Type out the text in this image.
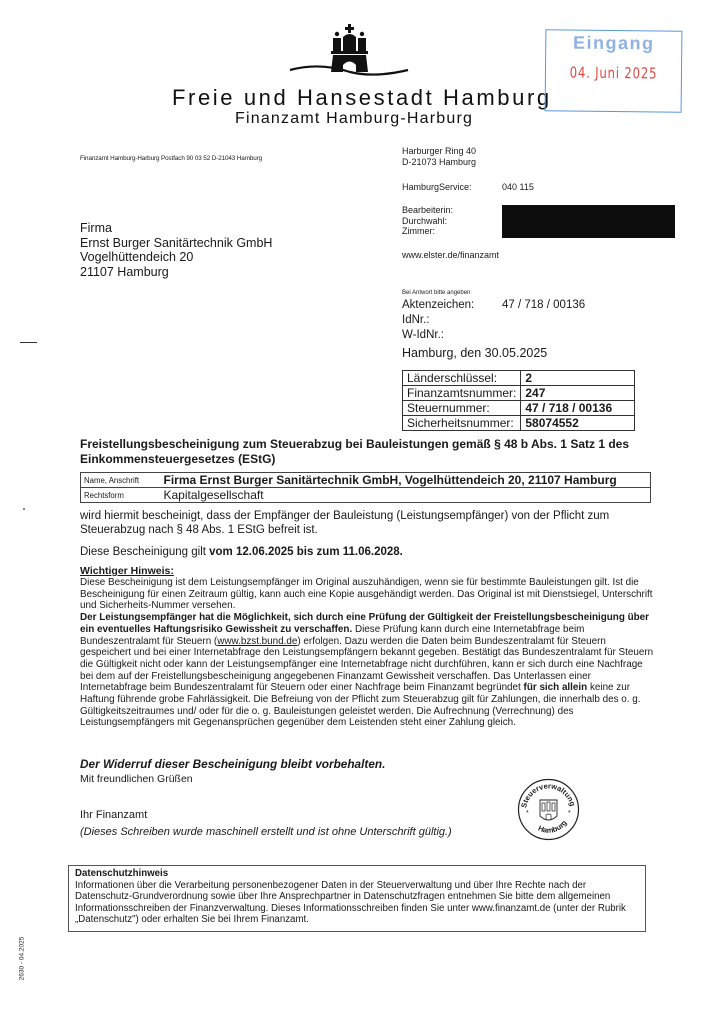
Freie und Hansestadt Hamburg
Finanzamt Hamburg-Harburg
Eingang
04. Juni 2025
Finanzamt Hamburg-Harburg Postfach 90 03 52 D-21043 Hamburg
Firma
Ernst Burger Sanitärtechnik GmbH
Vogelhüttendeich 20
21107 Hamburg
Harburger Ring 40
D-21073 Hamburg
HamburgService:	040 115
Bearbeiterin:
Durchwahl:
Zimmer:
www.elster.de/finanzamt
Bei Antwort bitte angeben
Aktenzeichen: 47 / 718 / 00136
IdNr.:
W-IdNr.:
Hamburg, den 30.05.2025
Länderschlüssel:	2
Finanzamtsnummer:	247
Steuernummer:	47 / 718 / 00136
Sicherheitsnummer:	58074552
Freistellungsbescheinigung zum Steuerabzug bei Bauleistungen gemäß § 48 b Abs. 1 Satz 1 des Einkommensteuergesetzes (EStG)
Name, Anschrift	Firma Ernst Burger Sanitärtechnik GmbH, Vogelhüttendeich 20, 21107 Hamburg
Rechtsform	Kapitalgesellschaft
wird hiermit bescheinigt, dass der Empfänger der Bauleistung (Leistungsempfänger) von der Pflicht zum Steuerabzug nach § 48 Abs. 1 EStG befreit ist.
Diese Bescheinigung gilt vom 12.06.2025 bis zum 11.06.2028.
Wichtiger Hinweis:
Diese Bescheinigung ist dem Leistungsempfänger im Original auszuhändigen, wenn sie für bestimmte Bauleistungen gilt. Ist die Bescheinigung für einen Zeitraum gültig, kann auch eine Kopie ausgehändigt werden. Das Original ist mit Dienstsiegel, Unterschrift und Sicherheits-Nummer versehen.
Der Leistungsempfänger hat die Möglichkeit, sich durch eine Prüfung der Gültigkeit der Freistellungsbescheinigung über ein eventuelles Haftungsrisiko Gewissheit zu verschaffen. Diese Prüfung kann durch eine Internetabfrage beim Bundeszentralamt für Steuern (www.bzst.bund.de) erfolgen. Dazu werden die Daten beim Bundeszentralamt für Steuern gespeichert und bei einer Internetabfrage den Leistungsempfängern bekannt gegeben. Bestätigt das Bundeszentralamt für Steuern die Gültigkeit nicht oder kann der Leistungsempfänger eine Internetabfrage nicht durchführen, kann er sich durch eine Nachfrage bei dem auf der Freistellungsbescheinigung angegebenen Finanzamt Gewissheit verschaffen. Das Unterlassen einer Internetabfrage beim Bundeszentralamt für Steuern oder einer Nachfrage beim Finanzamt begründet für sich allein keine zur Haftung führende grobe Fahrlässigkeit. Die Befreiung von der Pflicht zum Steuerabzug gilt für Zahlungen, die innerhalb des o. g. Gültigkeitszeitraumes und/ oder für die o. g. Bauleistungen geleistet werden. Die Aufrechnung (Verrechnung) des Leistungsempfängers mit Gegenansprüchen gegenüber dem Leistenden steht einer Zahlung gleich.
Der Widerruf dieser Bescheinigung bleibt vorbehalten.
Mit freundlichen Grüßen
Ihr Finanzamt
(Dieses Schreiben wurde maschinell erstellt und ist ohne Unterschrift gültig.)
Steuerverwaltung
Hamburg
*	*
Datenschutzhinweis
Informationen über die Verarbeitung personenbezogener Daten in der Steuerverwaltung und über Ihre Rechte nach der Datenschutz-Grundverordnung sowie über Ihre Ansprechpartner in Datenschutzfragen entnehmen Sie bitte dem allgemeinen Informationsschreiben der Finanzverwaltung. Dieses Informationsschreiben finden Sie unter www.finanzamt.de (unter der Rubrik „Datenschutz") oder erhalten Sie bei Ihrem Finanzamt.
2630 - 04.2025
